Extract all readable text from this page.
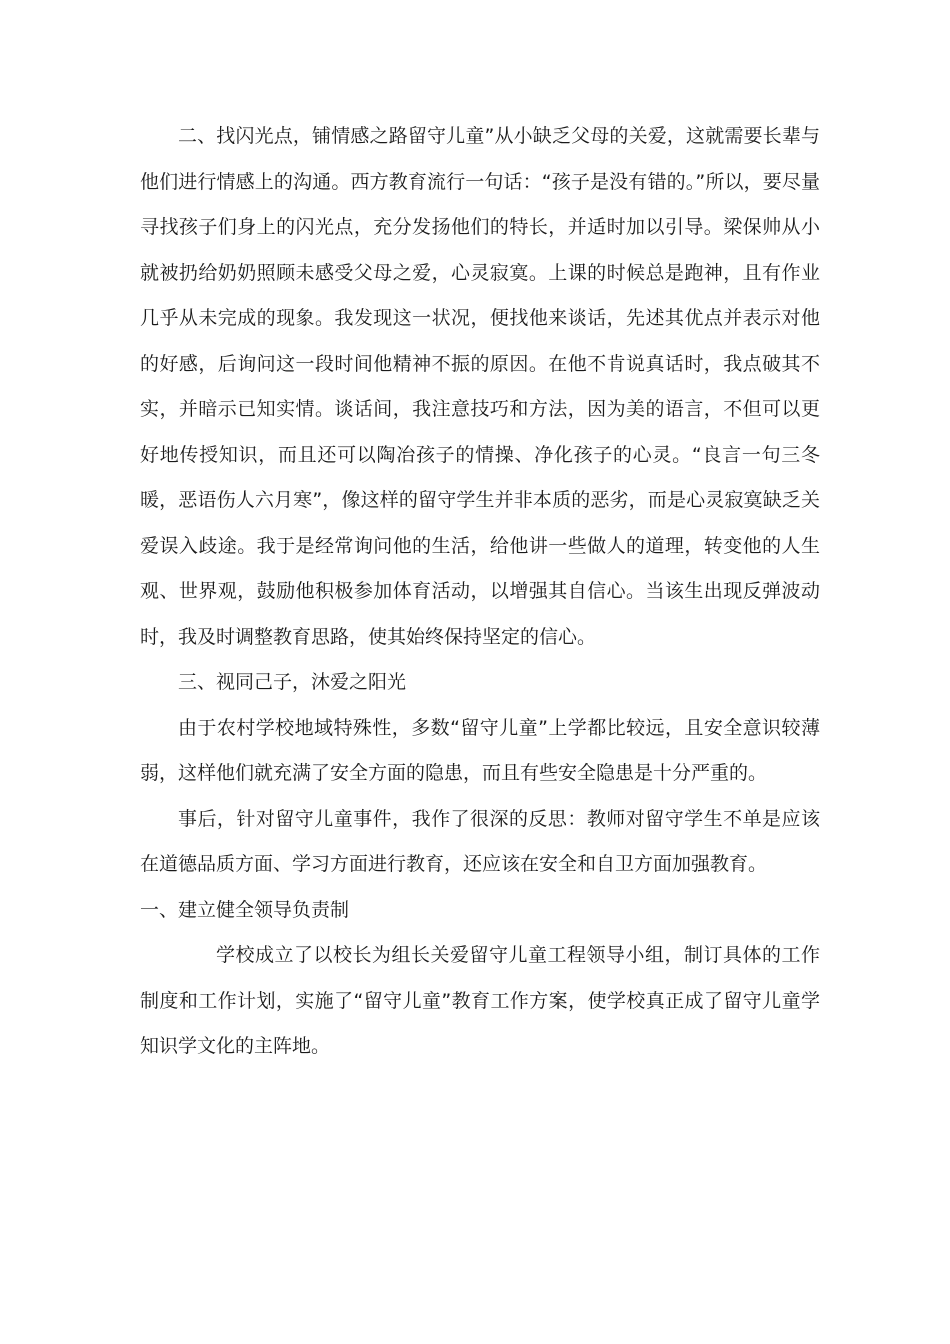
二、找闪光点，铺情感之路留守儿童”从小缺乏父母的关爱，这就需要长辈与他们进行情感上的沟通。西方教育流行一句话：“孩子是没有错的。”所以，要尽量寻找孩子们身上的闪光点，充分发扬他们的特长，并适时加以引导。梁保帅从小就被扔给奶奶照顾未感受父母之爱，心灵寂寞。上课的时候总是跑神，且有作业几乎从未完成的现象。我发现这一状况，便找他来谈话，先述其优点并表示对他的好感，后询问这一段时间他精神不振的原因。在他不肯说真话时，我点破其不实，并暗示已知实情。谈话间，我注意技巧和方法，因为美的语言，不但可以更好地传授知识，而且还可以陶冶孩子的情操、净化孩子的心灵。“良言一句三冬暖，恶语伤人六月寒”，像这样的留守学生并非本质的恶劣，而是心灵寂寞缺乏关爱误入歧途。我于是经常询问他的生活，给他讲一些做人的道理，转变他的人生观、世界观，鼓励他积极参加体育活动，以增强其自信心。当该生出现反弹波动时，我及时调整教育思路，使其始终保持坚定的信心。

三、视同己子，沐爱之阳光

由于农村学校地域特殊性，多数“留守儿童”上学都比较远，且安全意识较薄弱，这样他们就充满了安全方面的隐患，而且有些安全隐患是十分严重的。

事后，针对留守儿童事件，我作了很深的反思：教师对留守学生不单是应该在道德品质方面、学习方面进行教育，还应该在安全和自卫方面加强教育。

一、建立健全领导负责制

学校成立了以校长为组长关爱留守儿童工程领导小组，制订具体的工作制度和工作计划，实施了“留守儿童”教育工作方案，使学校真正成了留守儿童学知识学文化的主阵地。
